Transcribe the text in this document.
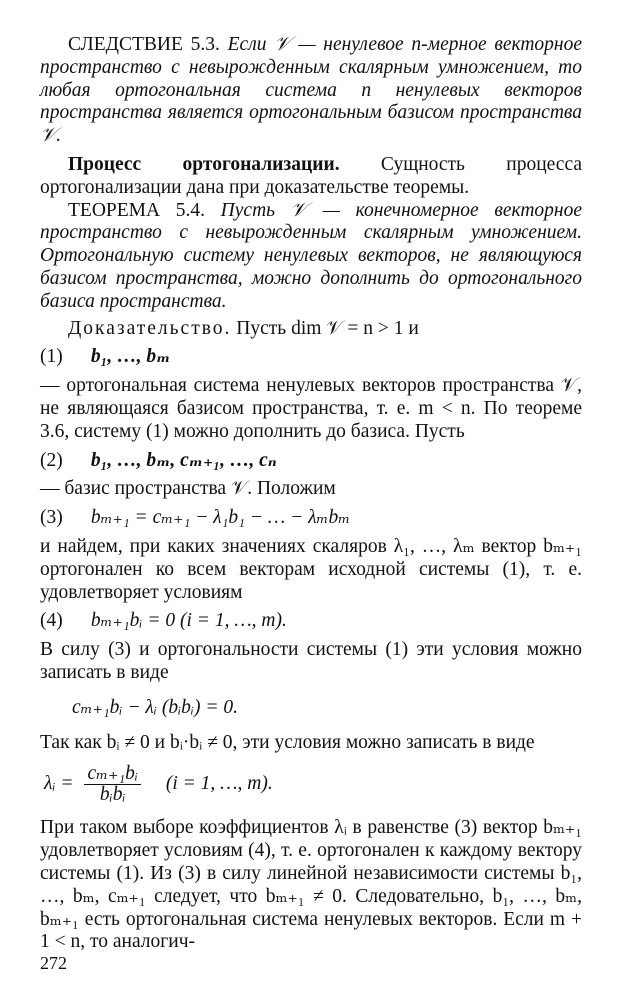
СЛЕДСТВИЕ 5.3. Если 𝒱 — ненулевое n-мерное векторное пространство с невырожденным скалярным умножением, то любая ортогональная система n ненулевых векторов пространства является ортогональным базисом пространства 𝒱.

Процесс ортогонализации. Сущность процесса ортогонализации дана при доказательстве теоремы.

ТЕОРЕМА 5.4. Пусть 𝒱 — конечномерное векторное пространство с невырожденным скалярным умножением. Ортогональную систему ненулевых векторов, не являющуюся базисом пространства, можно дополнить до ортогонального базиса пространства.

Доказательство. Пусть dim 𝒱 = n > 1 и

(1) b₁, …, bₘ

— ортогональная система ненулевых векторов пространства 𝒱, не являющаяся базисом пространства, т. е. m < n. По теореме 3.6, систему (1) можно дополнить до базиса. Пусть

(2) b₁, …, bₘ, cₘ₊₁, …, cₙ

— базис пространства 𝒱. Положим

(3) bₘ₊₁ = cₘ₊₁ − λ₁b₁ − … − λₘbₘ

и найдем, при каких значениях скаляров λ₁, …, λₘ вектор bₘ₊₁ ортогонален ко всем векторам исходной системы (1), т. е. удовлетворяет условиям

(4) bₘ₊₁bᵢ = 0 (i = 1, …, m).

В силу (3) и ортогональности системы (1) эти условия можно записать в виде

cₘ₊₁bᵢ − λᵢ (bᵢbᵢ) = 0.

Так как bᵢ ≠ 0 и bᵢ·bᵢ ≠ 0, эти условия можно записать в виде

λᵢ = $\frac{\text{cₘ₊₁bᵢ}}{\text{bᵢbᵢ}} (i = 1$, …, m).

При таком выборе коэффициентов λᵢ в равенстве (3) вектор bₘ₊₁ удовлетворяет условиям (4), т. е. ортогонален к каждому вектору системы (1). Из (3) в силу линейной независимости системы b₁, …, bₘ, cₘ₊₁ следует, что bₘ₊₁ ≠ 0. Следовательно, b₁, …, bₘ, bₘ₊₁ есть ортогональная система ненулевых векторов. Если m + 1 < n, то аналогич-

272
